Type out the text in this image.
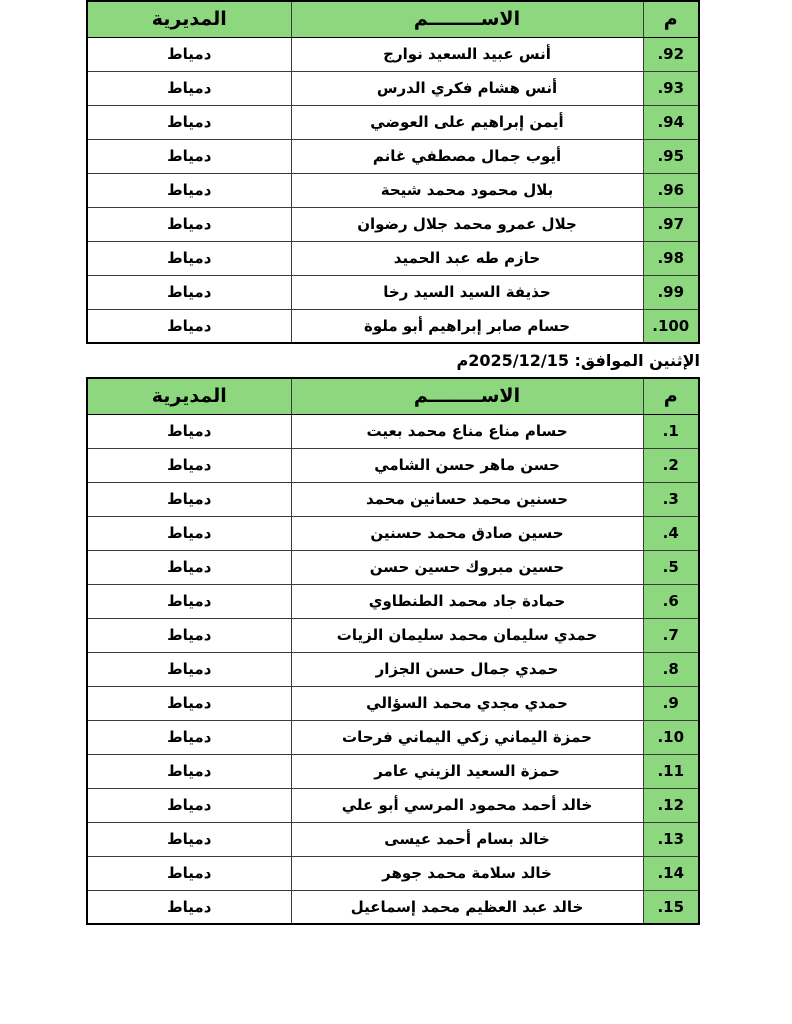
م	الاســــــــم	المديرية
92.	أنس عبيد السعيد نوارج	دمياط
93.	أنس هشام فكري الدرس	دمياط
94.	أيمن إبراهيم على العوضي	دمياط
95.	أيوب جمال مصطفي غانم	دمياط
96.	بلال محمود محمد شيحة	دمياط
97.	جلال عمرو محمد جلال رضوان	دمياط
98.	حازم طه عبد الحميد	دمياط
99.	حذيفة السيد السيد رخا	دمياط
100.	حسام صابر إبراهيم أبو ملوة	دمياط
الإثنين الموافق: 2025/12/15م
م	الاســــــــم	المديرية
1.	حسام مناع مناع محمد بعيت	دمياط
2.	حسن ماهر حسن الشامي	دمياط
3.	حسنين محمد حسانين محمد	دمياط
4.	حسين صادق محمد حسنين	دمياط
5.	حسين مبروك حسين حسن	دمياط
6.	حمادة جاد محمد الطنطاوي	دمياط
7.	حمدي سليمان محمد سليمان الزيات	دمياط
8.	حمدي جمال حسن الجزار	دمياط
9.	حمدي مجدي محمد السؤالي	دمياط
10.	حمزة اليماني زكي اليماني فرحات	دمياط
11.	حمزة السعيد الزيني عامر	دمياط
12.	خالد أحمد محمود المرسي أبو علي	دمياط
13.	خالد بسام أحمد عيسى	دمياط
14.	خالد سلامة محمد جوهر	دمياط
15.	خالد عبد العظيم محمد إسماعيل	دمياط
